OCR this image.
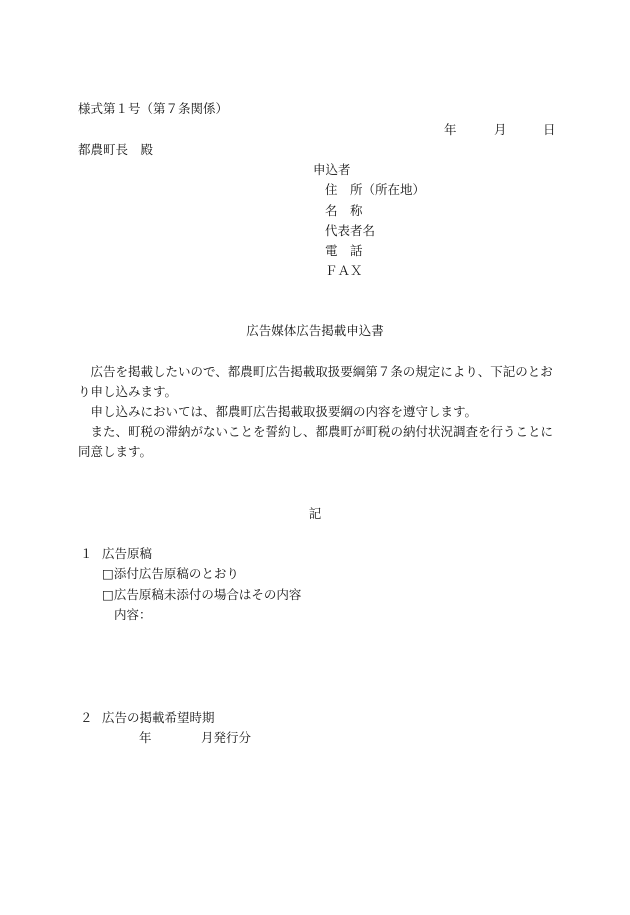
様式第１号（第７条関係）
年	月	日
都農町長　殿
申込者
住　所（所在地）
名　称
代表者名
電　話
ＦＡＸ
広告媒体広告掲載申込書

広告を掲載したいので、都農町広告掲載取扱要綱第７条の規定により、下記のとおり申し込みます。

申し込みにおいては、都農町広告掲載取扱要綱の内容を遵守します。

また、町税の滞納がないことを誓約し、都農町が町税の納付状況調査を行うことに同意します。

記
１ 広告原稿
□添付広告原稿のとおり
□広告原稿未添付の場合はその内容
内容：
２ 広告の掲載希望時期
年	月発行分
